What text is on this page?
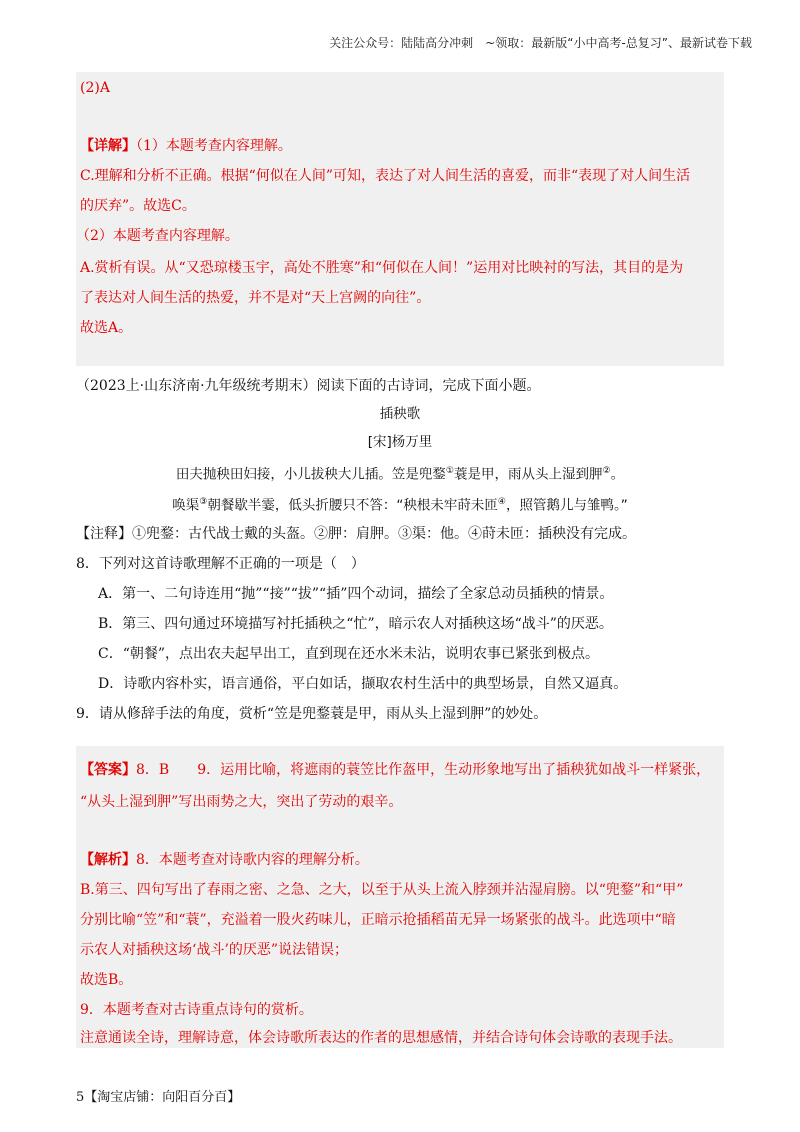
关注公众号：陆陆高分冲刺　~领取：最新版“小中高考-总复习”、最新试卷下载
(2)A
【详解】（1）本题考查内容理解。
C.理解和分析不正确。根据“何似在人间”可知，表达了对人间生活的喜爱，而非“表现了对人间生活
的厌弃”。故选C。
（2）本题考查内容理解。
A.赏析有误。从“又恐琼楼玉宇，高处不胜寒”和“何似在人间！”运用对比映衬的写法，其目的是为
了表达对人间生活的热爱，并不是对“天上宫阙的向往”。
故选A。
（2023上·山东济南·九年级统考期末）阅读下面的古诗词，完成下面小题。
插秧歌
[宋]杨万里
田夫抛秧田妇接，小儿拔秧大儿插。笠是兜鍪①蓑是甲，雨从头上湿到胛②。
唤渠③朝餐歇半霎，低头折腰只不答：“秧根未牢莳未匝④，照管鹅儿与雏鸭。”
【注释】①兜鍪：古代战士戴的头盔。②胛：肩胛。③渠：他。④莳未匝：插秧没有完成。
8．下列对这首诗歌理解不正确的一项是（　）
A．第一、二句诗连用“抛”“接”“拔”“插”四个动词，描绘了全家总动员插秧的情景。
B．第三、四句通过环境描写衬托插秧之“忙”，暗示农人对插秧这场“战斗”的厌恶。
C．“朝餐”，点出农夫起早出工，直到现在还水米未沾，说明农事已紧张到极点。
D．诗歌内容朴实，语言通俗，平白如话，撷取农村生活中的典型场景，自然又逼真。
9．请从修辞手法的角度，赏析“笠是兜鍪蓑是甲，雨从头上湿到胛”的妙处。
【答案】8．B　　9．运用比喻，将遮雨的蓑笠比作盔甲，生动形象地写出了插秧犹如战斗一样紧张，
“从头上湿到胛”写出雨势之大，突出了劳动的艰辛。
【解析】8．本题考查对诗歌内容的理解分析。
B.第三、四句写出了春雨之密、之急、之大，以至于从头上流入脖颈并沾湿肩膀。以“兜鍪”和“甲”
分别比喻“笠”和“蓑”，充溢着一股火药味儿，正暗示抢插稻苗无异一场紧张的战斗。此选项中“暗
示农人对插秧这场‘战斗’的厌恶”说法错误；
故选B。
9．本题考查对古诗重点诗句的赏析。
注意通读全诗，理解诗意，体会诗歌所表达的作者的思想感情，并结合诗句体会诗歌的表现手法。
5【淘宝店铺：向阳百分百】
